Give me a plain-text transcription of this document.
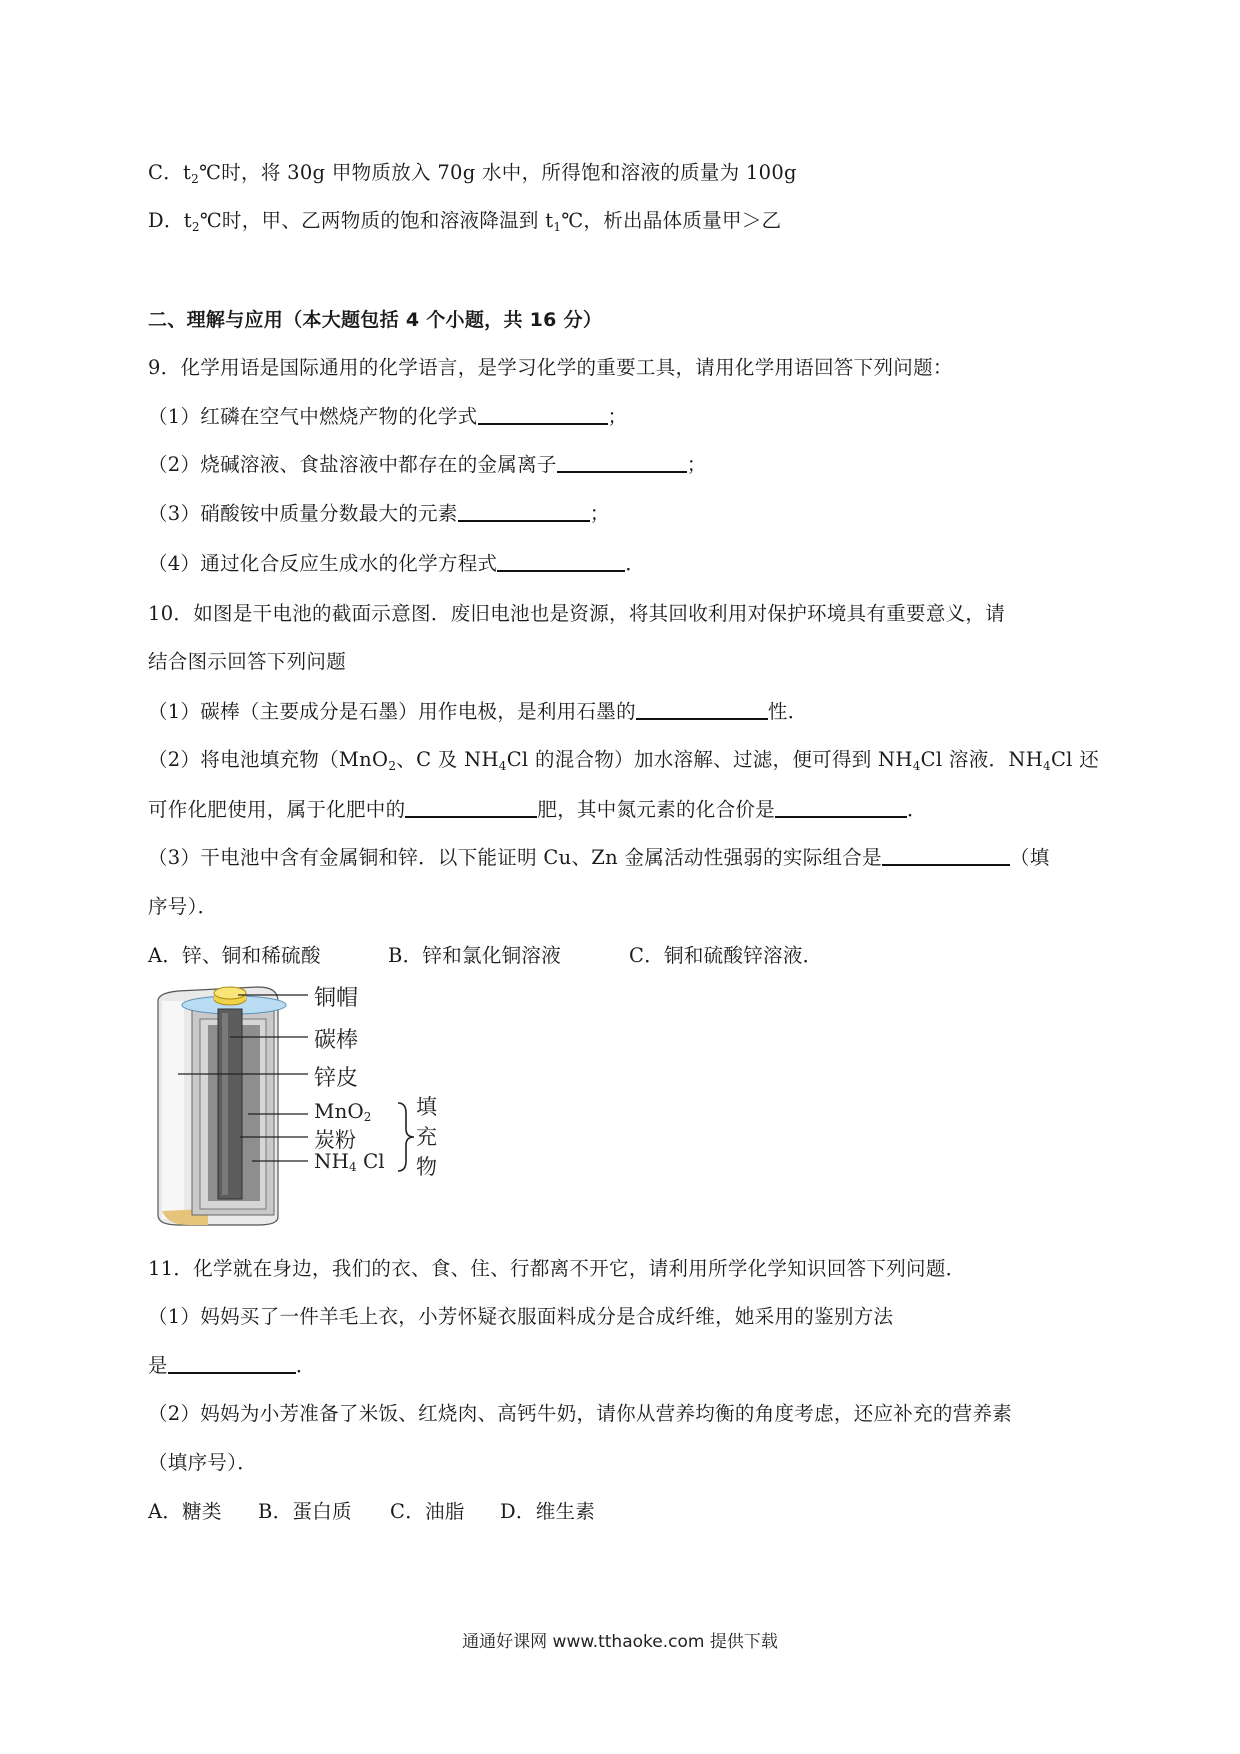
C．$t_2℃$时，将 30g 甲物质放入 70g 水中，所得饱和溶液的质量为 100g
D．$t_2℃$时，甲、乙两物质的饱和溶液降温到 $t_1℃$，析出晶体质量甲＞乙
二、理解与应用（本大题包括 4 个小题，共 16 分）
9．化学用语是国际通用的化学语言，是学习化学的重要工具，请用化学用语回答下列问题：
（1）红磷在空气中燃烧产物的化学式	；
（2）烧碱溶液、食盐溶液中都存在的金属离子	；
（3）硝酸铵中质量分数最大的元素	；
（4）通过化合反应生成水的化学方程式	．
10．如图是干电池的截面示意图．废旧电池也是资源，将其回收利用对保护环境具有重要意义，请
结合图示回答下列问题
（1）碳棒（主要成分是石墨）用作电极，是利用石墨的	性．
（2）将电池填充物（MnO$_2$、C 及 $NH_4Cl$ 的混合物）加水溶解、过滤，便可得到 $NH_4Cl$ 溶液．$NH_4Cl$ 还
可作化肥使用，属于化肥中的	肥，其中氮元素的化合价是	．
（3）干电池中含有金属铜和锌．以下能证明 Cu、Zn 金属活动性强弱的实际组合是	（填
序号）．
A．锌、铜和稀硫酸	B．锌和氯化铜溶液	C．铜和硫酸锌溶液．
铜帽
碳棒
锌皮
MnO2
炭粉
NH4 Cl
填
充
物
11．化学就在身边，我们的衣、食、住、行都离不开它，请利用所学化学知识回答下列问题．
（1）妈妈买了一件羊毛上衣，小芳怀疑衣服面料成分是合成纤维，她采用的鉴别方法
是	．
（2）妈妈为小芳准备了米饭、红烧肉、高钙牛奶，请你从营养均衡的角度考虑，还应补充的营养素
（填序号）．
A．糖类 B．蛋白质 C．油脂 D．维生素
通通好课网 www.tthaoke.com 提供下载
